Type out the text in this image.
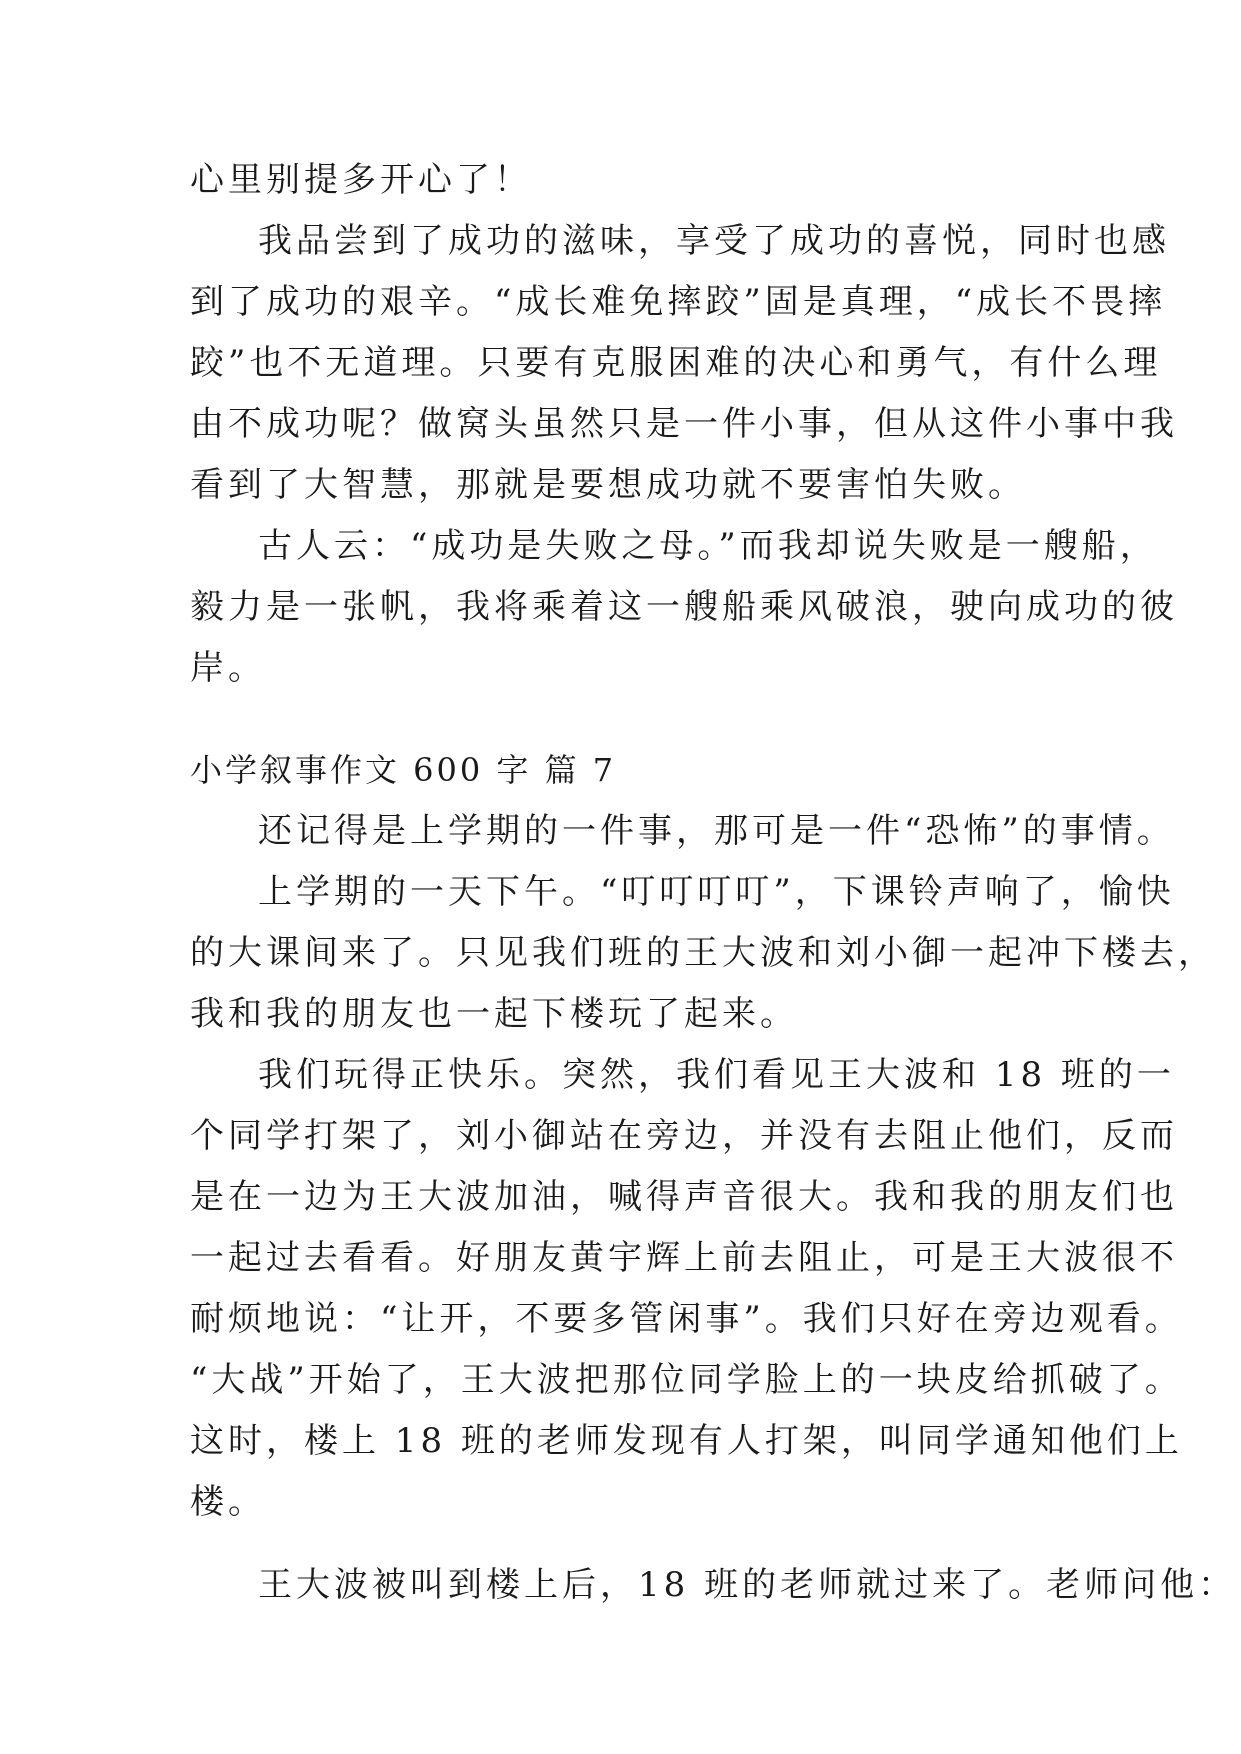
心里别提多开心了！

我品尝到了成功的滋味，享受了成功的喜悦，同时也感

到了成功的艰辛。“成长难免摔跤”固是真理，“成长不畏摔

跤”也不无道理。只要有克服困难的决心和勇气，有什么理

由不成功呢？做窝头虽然只是一件小事，但从这件小事中我

看到了大智慧，那就是要想成功就不要害怕失败。

古人云：“成功是失败之母。”而我却说失败是一艘船，

毅力是一张帆，我将乘着这一艘船乘风破浪，驶向成功的彼

岸。

小学叙事作文 600 字 篇 7

还记得是上学期的一件事，那可是一件“恐怖”的事情。

上学期的一天下午。“叮叮叮叮”，下课铃声响了，愉快

的大课间来了。只见我们班的王大波和刘小御一起冲下楼去，

我和我的朋友也一起下楼玩了起来。

我们玩得正快乐。突然，我们看见王大波和 18 班的一

个同学打架了，刘小御站在旁边，并没有去阻止他们，反而

是在一边为王大波加油，喊得声音很大。我和我的朋友们也

一起过去看看。好朋友黄宇辉上前去阻止，可是王大波很不

耐烦地说：“让开，不要多管闲事”。我们只好在旁边观看。

“大战”开始了，王大波把那位同学脸上的一块皮给抓破了。

这时，楼上 18 班的老师发现有人打架，叫同学通知他们上

楼。

王大波被叫到楼上后，18 班的老师就过来了。老师问他：
